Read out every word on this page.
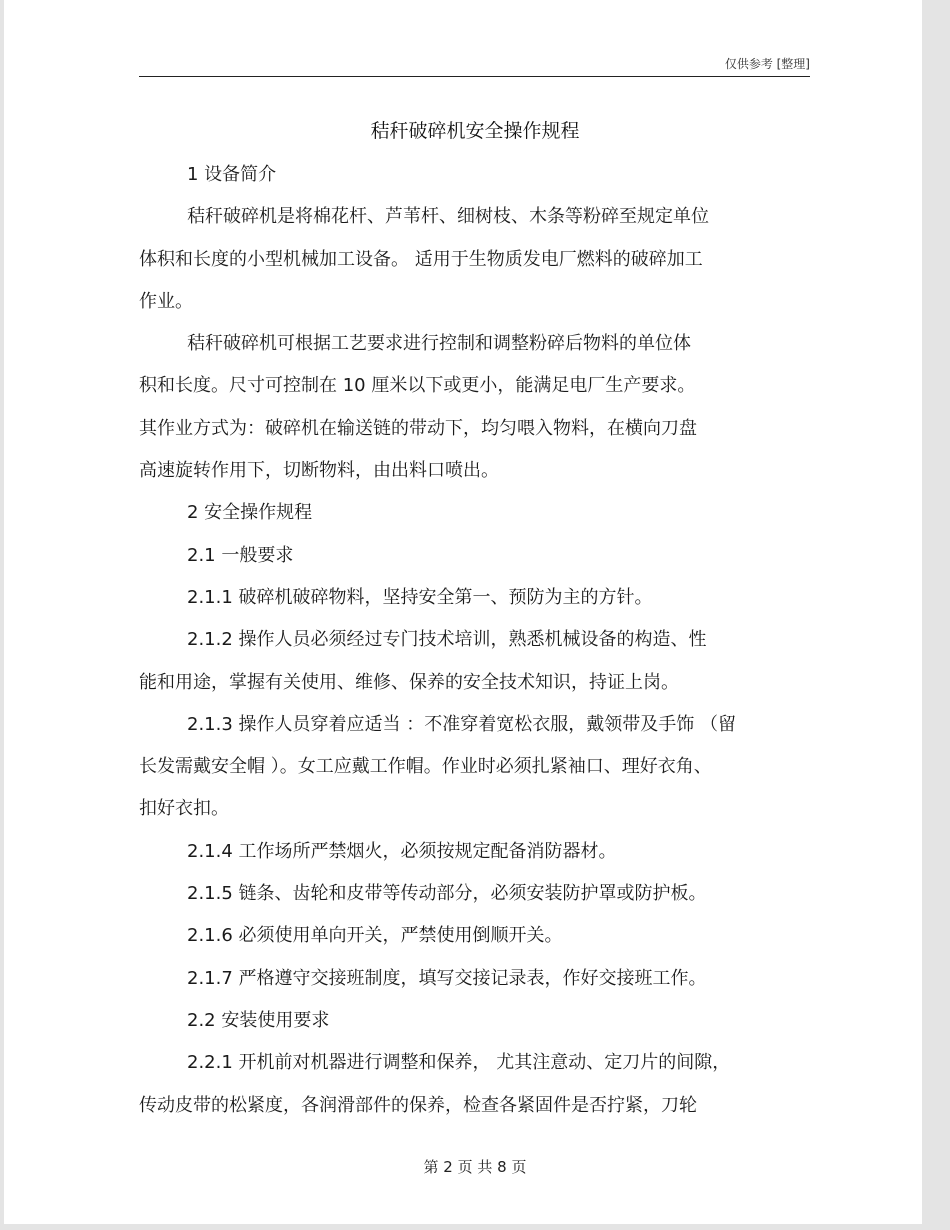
仅供参考 [整理]
秸秆破碎机安全操作规程
1 设备简介
秸秆破碎机是将棉花杆、芦苇杆、细树枝、木条等粉碎至规定单位
体积和长度的小型机械加工设备。 适用于生物质发电厂燃料的破碎加工
作业。
秸秆破碎机可根据工艺要求进行控制和调整粉碎后物料的单位体
积和长度。尺寸可控制在 10 厘米以下或更小，能满足电厂生产要求。
其作业方式为：破碎机在输送链的带动下，均匀喂入物料，在横向刀盘
高速旋转作用下，切断物料，由出料口喷出。
2 安全操作规程
2.1 一般要求
2.1.1 破碎机破碎物料，坚持安全第一、预防为主的方针。
2.1.2 操作人员必须经过专门技术培训，熟悉机械设备的构造、性
能和用途，掌握有关使用、维修、保养的安全技术知识，持证上岗。
2.1.3 操作人员穿着应适当 ：不准穿着宽松衣服，戴领带及手饰 （留
长发需戴安全帽 ）。女工应戴工作帽。作业时必须扎紧袖口、理好衣角、
扣好衣扣。
2.1.4 工作场所严禁烟火，必须按规定配备消防器材。
2.1.5 链条、齿轮和皮带等传动部分，必须安装防护罩或防护板。
2.1.6 必须使用单向开关，严禁使用倒顺开关。
2.1.7 严格遵守交接班制度，填写交接记录表，作好交接班工作。
2.2 安装使用要求
2.2.1 开机前对机器进行调整和保养， 尤其注意动、定刀片的间隙，
传动皮带的松紧度，各润滑部件的保养，检查各紧固件是否拧紧，刀轮
第 2 页 共 8 页
